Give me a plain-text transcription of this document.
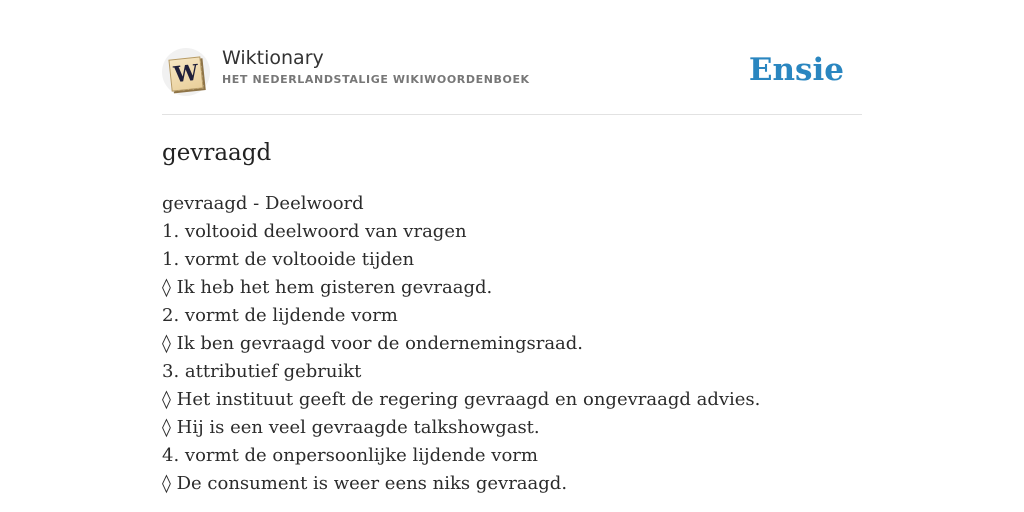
W
Wiktionary
HET NEDERLANDSTALIGE WIKIWOORDENBOEK	Ensie
gevraagd
gevraagd - Deelwoord
1. voltooid deelwoord van vragen
1. vormt de voltooide tijden
◊ Ik heb het hem gisteren gevraagd.
2. vormt de lijdende vorm
◊ Ik ben gevraagd voor de ondernemingsraad.
3. attributief gebruikt
◊ Het instituut geeft de regering gevraagd en ongevraagd advies.
◊ Hij is een veel gevraagde talkshowgast.
4. vormt de onpersoonlijke lijdende vorm
◊ De consument is weer eens niks gevraagd.
